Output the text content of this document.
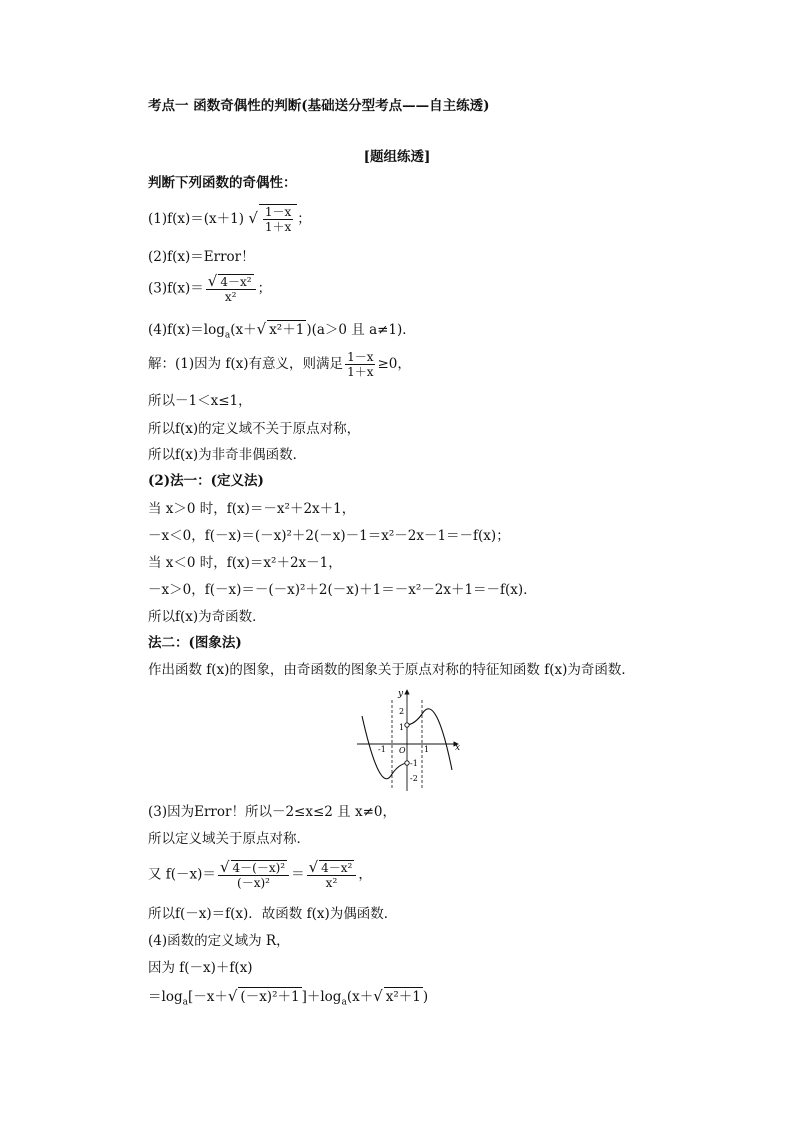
考点一 函数奇偶性的判断(基础送分型考点——自主练透)
[题组练透]
判断下列函数的奇偶性：
(1)f(x)＝(x＋1) √ $\frac{1-x}{1+x}$ ；
(2)f(x)＝Error！
$(3)f(x)= \frac{\text{√ 4－x²}}{\text{x²}}$ ；
$(4)f(x)=\log_a(x+√$ x²＋1 )(a＞0 且 a≠1)．
解：(1)因为 f(x)有意义，则满足 $\frac{1-x}{1+x} \ge 0$，
所以－1＜x≤1，
所以f(x)的定义域不关于原点对称，
所以f(x)为非奇非偶函数．
(2)法一：(定义法)
当 x＞0 时，f(x)＝－x²＋2x＋1，
－x＜0，f(－x)＝(－x)²＋2(－x)－1＝x²－2x－1＝－f(x)；
当 x＜0 时，f(x)＝x²＋2x－1，
－x＞0，f(－x)＝－(－x)²＋2(－x)＋1＝－x²－2x＋1＝－f(x)．
所以f(x)为奇函数．
法二：(图象法)
作出函数 f(x)的图象，由奇函数的图象关于原点对称的特征知函数 f(x)为奇函数．
y
x
O
2
1
-1	1
-1
-2
(3)因为Error！所以－2≤x≤2 且 x≠0，
所以定义域关于原点对称．
又 $f(-x)= \frac{\text{√ 4－(－x)²}}{\text{(－x)²}} = \frac{\text{√ 4－x²}}{\text{x²}}$ ，
所以f(－x)＝f(x)．故函数 f(x)为偶函数．
(4)函数的定义域为 R，
因为 f(－x)＋f(x)
$=\log_a[-x+√$ (－x)²＋1 ]$+\log_a(x+√$ x²＋1 )
